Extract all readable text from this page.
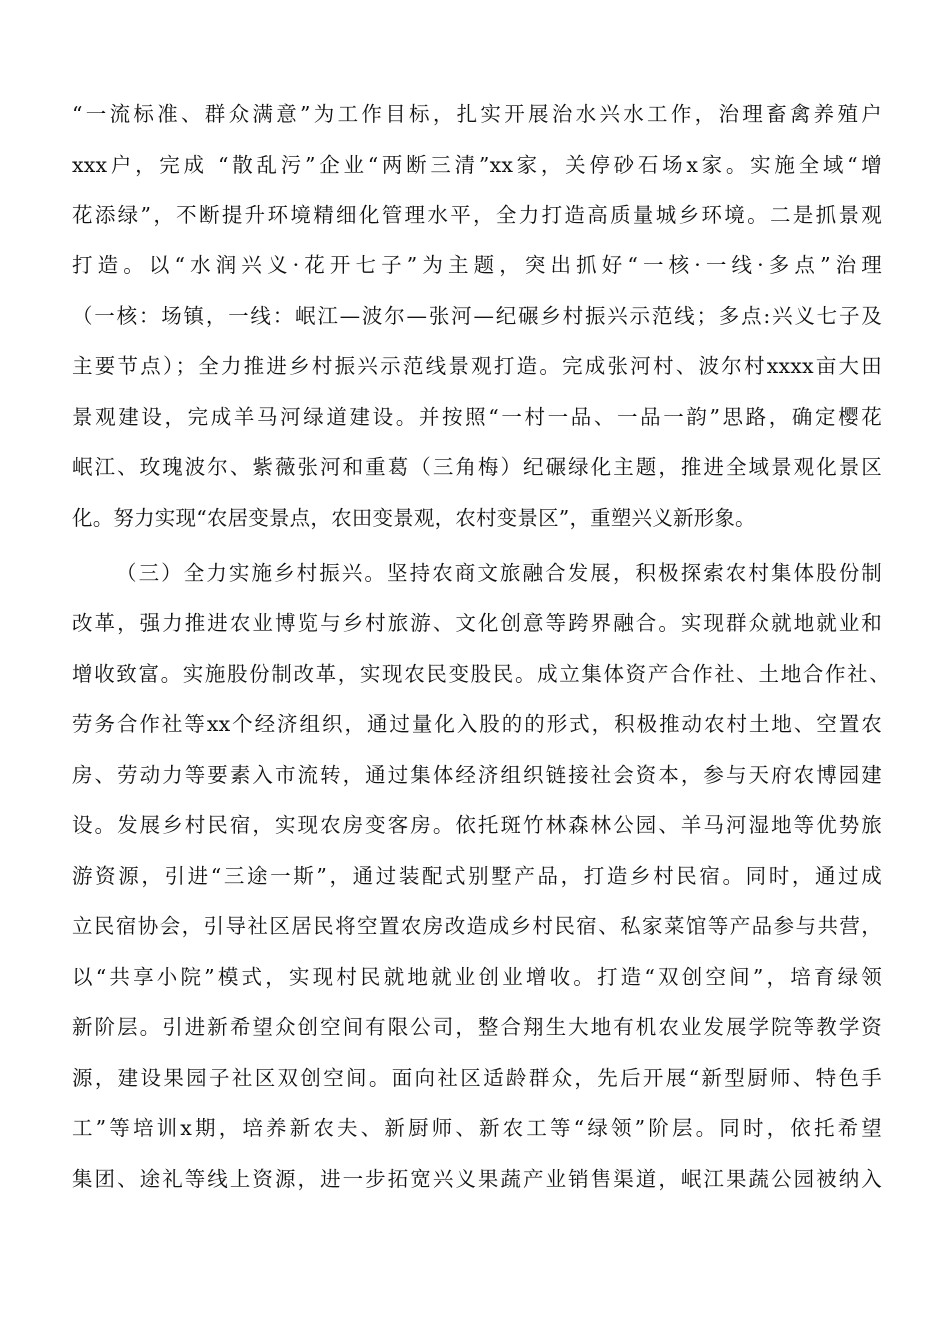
“一流标准、群众满意”为工作目标，扎实开展治水兴水工作，治理畜禽养殖户
xxx户，完成 “散乱污”企业“两断三清”xx家，关停砂石场x家。实施全域“增
花添绿”，不断提升环境精细化管理水平，全力打造高质量城乡环境。二是抓景观
打造。以“水润兴义·花开七子”为主题，突出抓好“一核·一线·多点”治理
（一核：场镇，一线：岷江—波尔—张河—纪碾乡村振兴示范线；多点:兴义七子及
主要节点）；全力推进乡村振兴示范线景观打造。完成张河村、波尔村xxxx亩大田
景观建设，完成羊马河绿道建设。并按照“一村一品、一品一韵”思路，确定樱花
岷江、玫瑰波尔、紫薇张河和重葛（三角梅）纪碾绿化主题，推进全域景观化景区
化。努力实现“农居变景点，农田变景观，农村变景区”，重塑兴义新形象。
（三）全力实施乡村振兴。坚持农商文旅融合发展，积极探索农村集体股份制
改革，强力推进农业博览与乡村旅游、文化创意等跨界融合。实现群众就地就业和
增收致富。实施股份制改革，实现农民变股民。成立集体资产合作社、土地合作社、
劳务合作社等xx个经济组织，通过量化入股的的形式，积极推动农村土地、空置农
房、劳动力等要素入市流转，通过集体经济组织链接社会资本，参与天府农博园建
设。发展乡村民宿，实现农房变客房。依托斑竹林森林公园、羊马河湿地等优势旅
游资源，引进“三途一斯”，通过装配式别墅产品，打造乡村民宿。同时，通过成
立民宿协会，引导社区居民将空置农房改造成乡村民宿、私家菜馆等产品参与共营，
以“共享小院”模式，实现村民就地就业创业增收。打造“双创空间”，培育绿领
新阶层。引进新希望众创空间有限公司，整合翔生大地有机农业发展学院等教学资
源，建设果园子社区双创空间。面向社区适龄群众，先后开展“新型厨师、特色手
工”等培训x期，培养新农夫、新厨师、新农工等“绿领”阶层。同时，依托希望
集团、途礼等线上资源，进一步拓宽兴义果蔬产业销售渠道，岷江果蔬公园被纳入
